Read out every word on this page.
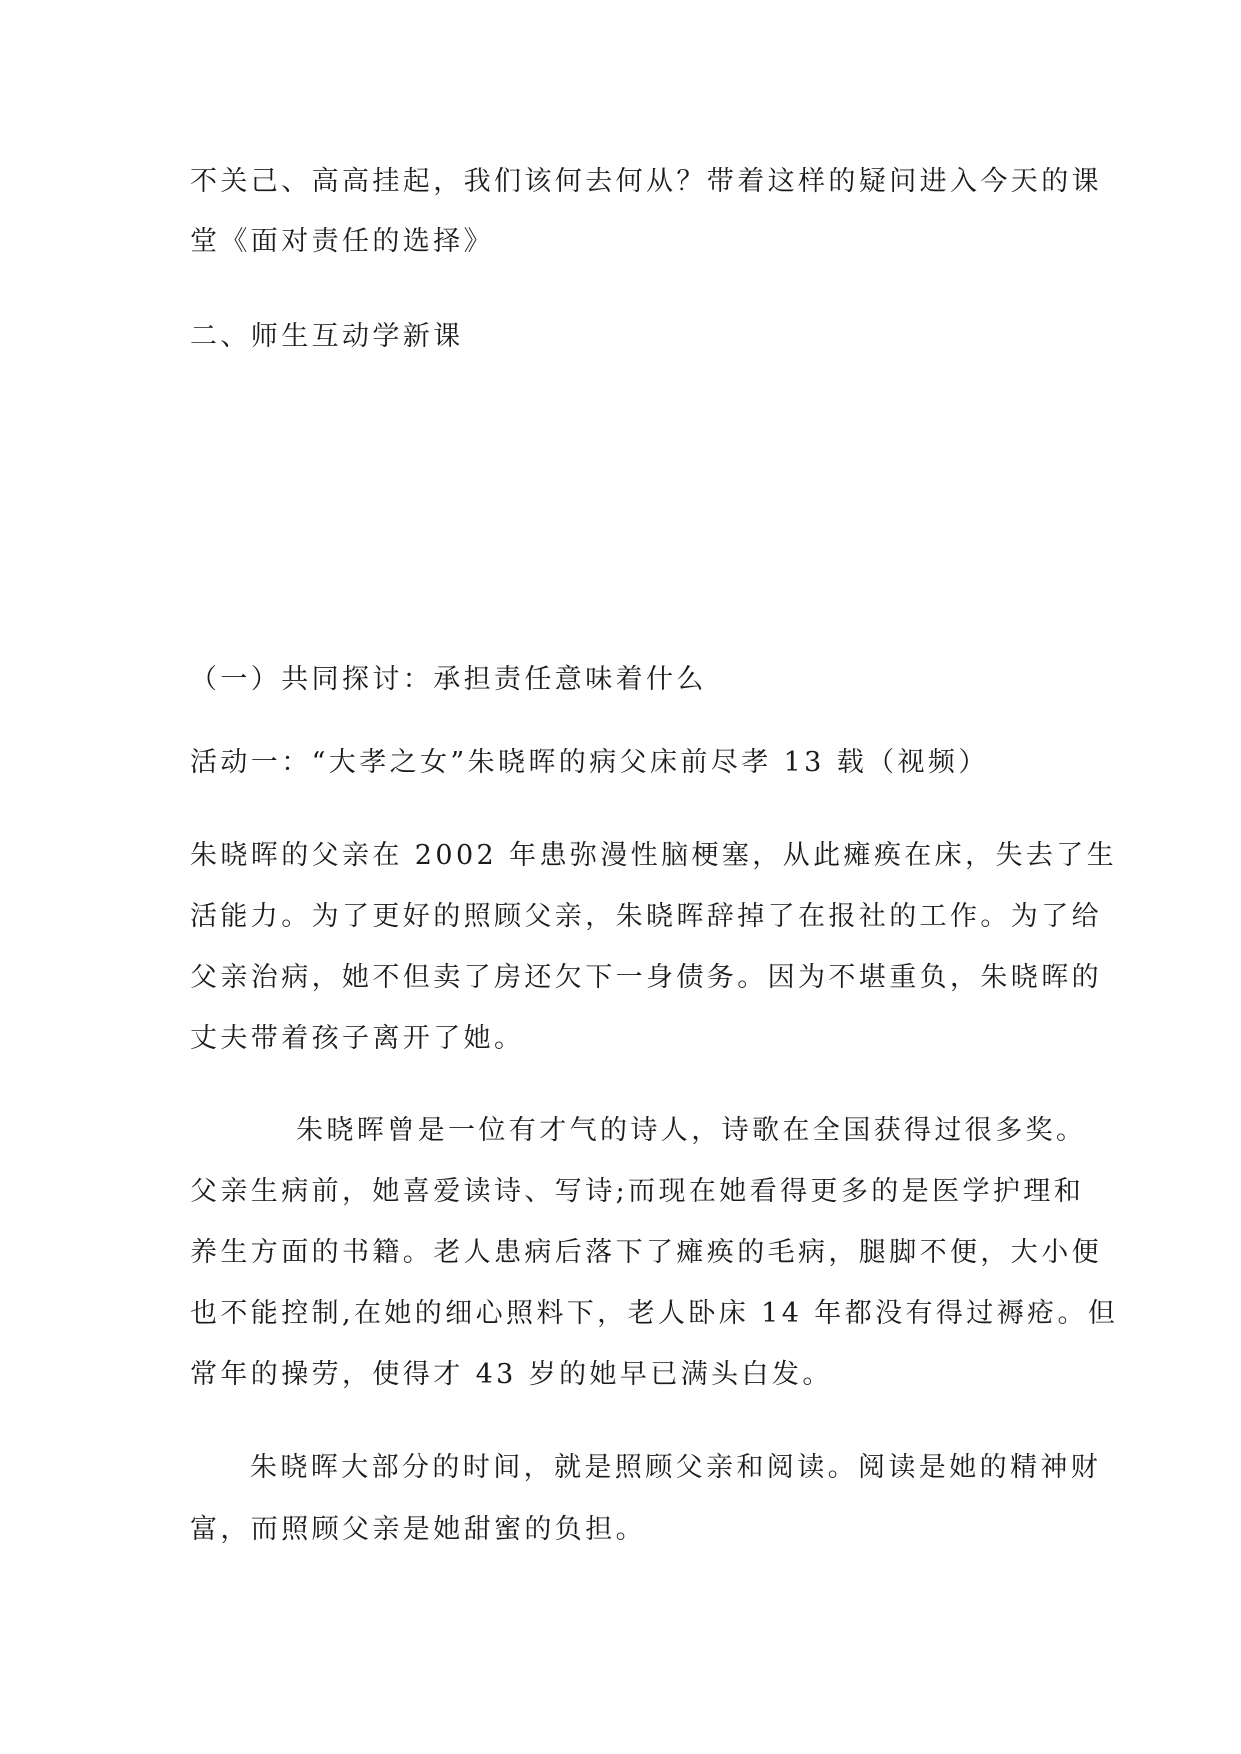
不关己、高高挂起，我们该何去何从？带着这样的疑问进入今天的课
堂《面对责任的选择》
二、师生互动学新课
（一）共同探讨：承担责任意味着什么
活动一：“大孝之女”朱晓晖的病父床前尽孝 13 载（视频）
朱晓晖的父亲在 2002 年患弥漫性脑梗塞，从此瘫痪在床，失去了生
活能力。为了更好的照顾父亲，朱晓晖辞掉了在报社的工作。为了给
父亲治病，她不但卖了房还欠下一身债务。因为不堪重负，朱晓晖的
丈夫带着孩子离开了她。
朱晓晖曾是一位有才气的诗人，诗歌在全国获得过很多奖。
父亲生病前，她喜爱读诗、写诗;而现在她看得更多的是医学护理和
养生方面的书籍。老人患病后落下了瘫痪的毛病，腿脚不便，大小便
也不能控制,在她的细心照料下，老人卧床 14 年都没有得过褥疮。但
常年的操劳，使得才 43 岁的她早已满头白发。
朱晓晖大部分的时间，就是照顾父亲和阅读。阅读是她的精神财
富，而照顾父亲是她甜蜜的负担。
